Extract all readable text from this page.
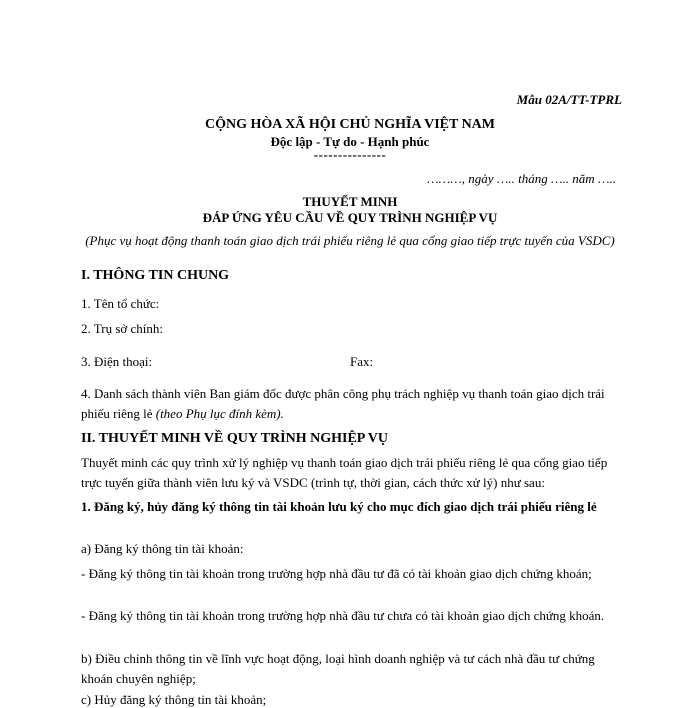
Mẫu 02A/TT-TPRL
CỘNG HÒA XÃ HỘI CHỦ NGHĨA VIỆT NAM
Độc lập - Tự do - Hạnh phúc
---------------
………, ngày ….. tháng ….. năm …..
THUYẾT MINH
ĐÁP ỨNG YÊU CẦU VỀ QUY TRÌNH NGHIỆP VỤ
(Phục vụ hoạt động thanh toán giao dịch trái phiếu riêng lẻ qua cổng giao tiếp trực tuyến của VSDC)
I. THÔNG TIN CHUNG
1. Tên tổ chức:
2. Trụ sở chính:
3. Điện thoại:	Fax:
4. Danh sách thành viên Ban giám đốc được phân công phụ trách nghiệp vụ thanh toán giao dịch trái phiếu riêng lẻ (theo Phụ lục đính kèm).
II. THUYẾT MINH VỀ QUY TRÌNH NGHIỆP VỤ
Thuyết minh các quy trình xử lý nghiệp vụ thanh toán giao dịch trái phiếu riêng lẻ qua cổng giao tiếp trực tuyến giữa thành viên lưu ký và VSDC (trình tự, thời gian, cách thức xử lý) như sau:
1. Đăng ký, hủy đăng ký thông tin tài khoản lưu ký cho mục đích giao dịch trái phiếu riêng lẻ
a) Đăng ký thông tin tài khoản:
- Đăng ký thông tin tài khoản trong trường hợp nhà đầu tư đã có tài khoản giao dịch chứng khoán;
- Đăng ký thông tin tài khoản trong trường hợp nhà đầu tư chưa có tài khoản giao dịch chứng khoán.
b) Điều chỉnh thông tin về lĩnh vực hoạt động, loại hình doanh nghiệp và tư cách nhà đầu tư chứng khoán chuyên nghiệp;
c) Hủy đăng ký thông tin tài khoản;
